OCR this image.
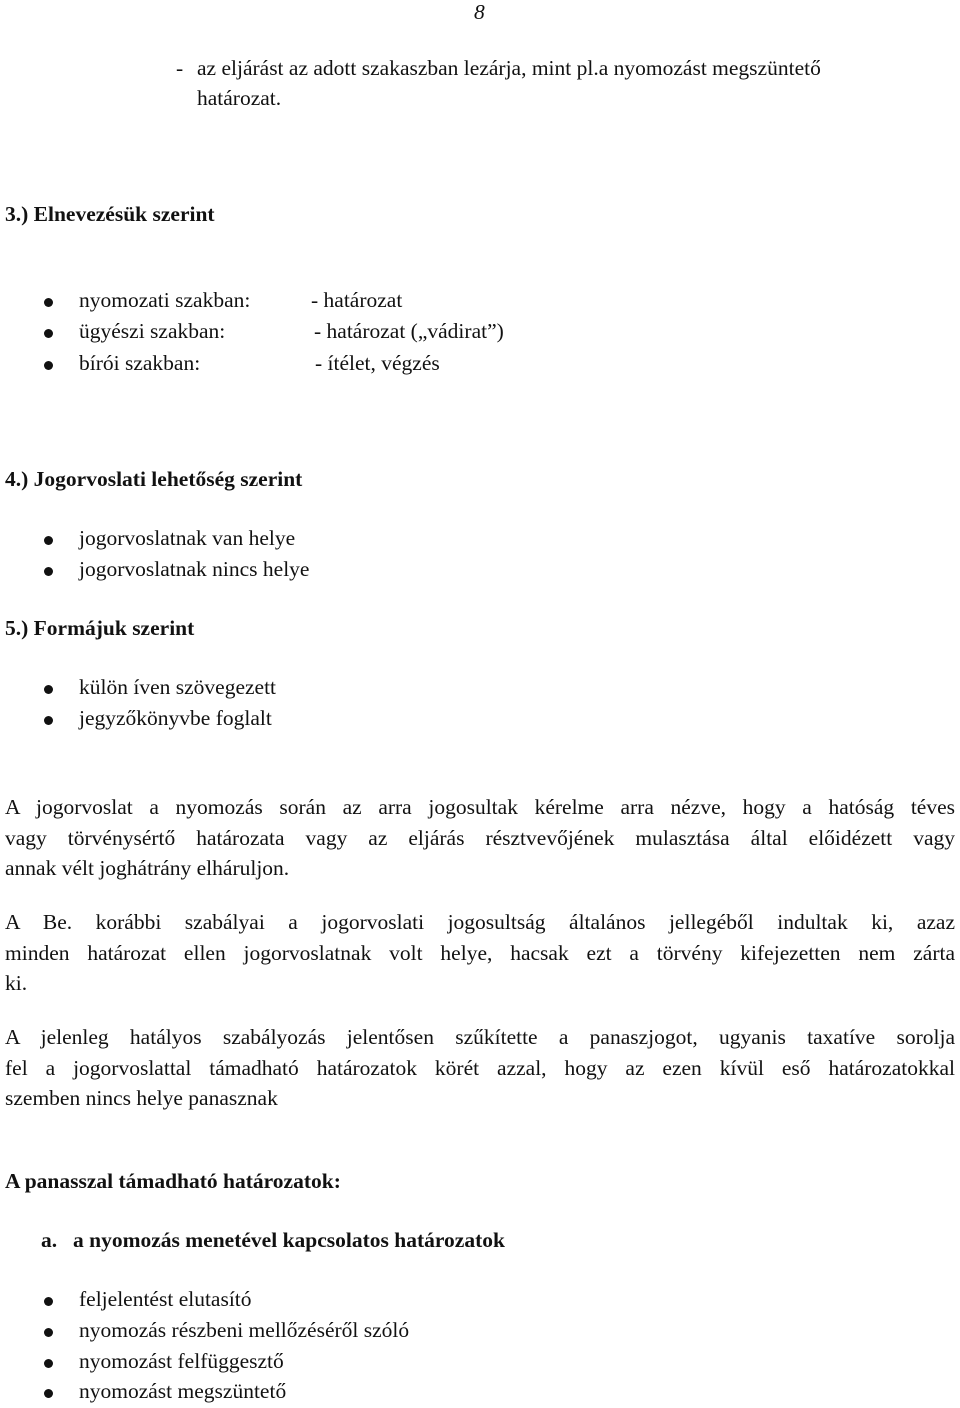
8
- az eljárást az adott szakaszban lezárja, mint pl.a nyomozást megszüntető
határozat.
3.) Elnevezésük szerint
nyomozati szakban:	- határozat
ügyészi szakban:	- határozat („vádirat”)
bírói szakban:	- ítélet, végzés
4.) Jogorvoslati lehetőség szerint
jogorvoslatnak van helye
jogorvoslatnak nincs helye
5.) Formájuk szerint
külön íven szövegezett
jegyzőkönyvbe foglalt
A jogorvoslat a nyomozás során az arra jogosultak kérelme arra nézve, hogy a hatóság téves
vagy törvénysértő határozata vagy az eljárás résztvevőjének mulasztása által előidézett vagy
annak vélt joghátrány elháruljon.
A Be. korábbi szabályai a jogorvoslati jogosultság általános jellegéből indultak ki, azaz
minden határozat ellen jogorvoslatnak volt helye, hacsak ezt a törvény kifejezetten nem zárta
ki.
A jelenleg hatályos szabályozás jelentősen szűkítette a panaszjogot, ugyanis taxatíve sorolja
fel a jogorvoslattal támadható határozatok körét azzal, hogy az ezen kívül eső határozatokkal
szemben nincs helye panasznak
A panasszal támadható határozatok:
a. a nyomozás menetével kapcsolatos határozatok
feljelentést elutasító
nyomozás részbeni mellőzéséről szóló
nyomozást felfüggesztő
nyomozást megszüntető
